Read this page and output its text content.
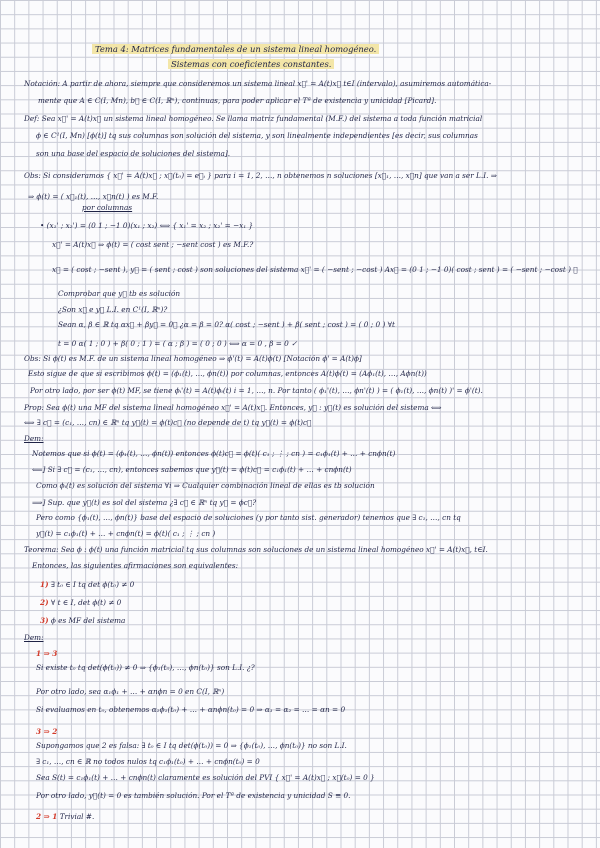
Tema 4: Matrices fundamentales de un sistema lineal homogéneo.
Sistemas con coeficientes constantes.
Notación: A partir de ahora, siempre que consideremos un sistema lineal x⃗' = A(t)x⃗ t∈I (intervalo), asumiremos automática-
mente que A ∈ C(I, Mn), b⃗ ∈ C(I, ℝⁿ), continuas, para poder aplicar el Tª de existencia y unicidad [Picard].
Def: Sea x⃗' = A(t)x⃗ un sistema lineal homogéneo. Se llama matriz fundamental (M.F.) del sistema a toda función matricial
ϕ ∈ C¹(I, Mn) [ϕ(t)] tq sus columnas son solución del sistema, y son linealmente independientes [es decir, sus columnas
son una base del espacio de soluciones del sistema].
Obs: Si consideramos { x⃗' = A(t)x⃗ ; x⃗(t₀) = e⃗ᵢ } para i = 1, 2, …, n obtenemos n soluciones [x⃗₁, …, x⃗n] que van a ser L.I. ⇒
⇒ ϕ(t) = ( x⃗₁(t), …, x⃗n(t) ) es M.F.
por columnas
• (x₁' ; x₂') = (0 1 ; −1 0)(x₁ ; x₂) ⟺ { x₁' = x₂ ; x₂' = −x₁ }
x⃗' = A(t)x⃗ ⇒ ϕ(t) = ( cost sent ; −sent cost ) es M.F.?
x⃗ = ( cost ; −sent ), y⃗ = ( sent ; cost ) son soluciones del sistema x⃗' = ( −sent ; −cost ) Ax⃗ = (0 1 ; −1 0)( cost ; sent ) = ( −sent ; −cost ) ✓
Comprobar que y⃗ tb es solución
¿Son x⃗ e y⃗ L.I. en C¹(I, ℝⁿ)?
Sean α, β ∈ ℝ tq αx⃗ + βy⃗ = 0⃗ ¿α = β = 0? α( cost ; −sent ) + β( sent ; cost ) = ( 0 ; 0 ) ∀t
t = 0 α( 1 ; 0 ) + β( 0 ; 1 ) = ( α ; β ) = ( 0 ; 0 ) ⟺ α = 0 , β = 0 ✓
Obs: Si ϕ(t) es M.F. de un sistema lineal homogéneo ⇒ ϕ'(t) = A(t)ϕ(t) [Notación ϕ' = A(t)ϕ]
Esto sigue de que si escribimos ϕ(t) = (ϕ₁(t), …, ϕn(t)) por columnas, entonces A(t)ϕ(t) = (Aϕ₁(t), …, Aϕn(t))
Por otro lado, por ser ϕ(t) MF, se tiene ϕᵢ'(t) = A(t)ϕᵢ(t) i = 1, …, n. Por tanto ( ϕ₁'(t), …, ϕn'(t) ) = ( ϕ₁(t), …, ϕn(t) )' = ϕ'(t).
Prop: Sea ϕ(t) una MF del sistema lineal homogéneo x⃗' = A(t)x⃗. Entonces, y⃗ : y⃗(t) es solución del sistema ⟺
⟺ ∃ c⃗ = (c₁, …, cn) ∈ ℝⁿ tq y⃗(t) = ϕ(t)c⃗ (no depende de t) tq y⃗(t) = ϕ(t)c⃗
Dem:
Notemos que si ϕ(t) = (ϕ₁(t), …, ϕn(t)) entonces ϕ(t)c⃗ = ϕ(t)( c₁ ; ⋮ ; cn ) = c₁ϕ₁(t) + … + cnϕn(t)
⟸] Si ∃ c⃗ = (c₁, …, cn), entonces sabemos que y⃗(t) = ϕ(t)c⃗ = c₁ϕ₁(t) + … + cnϕn(t)
Como ϕᵢ(t) es solución del sistema ∀i ⇒ Cualquier combinación lineal de ellas es tb solución
⟹] Sup. que y⃗(t) es sol del sistema ¿∃ c⃗ ∈ ℝⁿ tq y⃗ = ϕc⃗?
Pero como {ϕ₁(t), …, ϕn(t)} base del espacio de soluciones (y por tanto sist. generador) tenemos que ∃ c₁, …, cn tq
y⃗(t) = c₁ϕ₁(t) + … + cnϕn(t) = ϕ(t)( c₁ ; ⋮ ; cn )
Teorema: Sea ϕ : ϕ(t) una función matricial tq sus columnas son soluciones de un sistema lineal homogéneo x⃗' = A(t)x⃗, t∈I.
Entonces, las siguientes afirmaciones son equivalentes:
1) ∃ t₀ ∈ I tq det ϕ(t₀) ≠ 0
2) ∀ t ∈ I, det ϕ(t) ≠ 0
3) ϕ es MF del sistema
Dem:
1 ⇒ 3
Si existe t₀ tq det(ϕ(t₀)) ≠ 0 ⇒ {ϕ₁(t₀), …, ϕn(t₀)} son L.I. ¿?
Por otro lado, sea α₁ϕ₁ + … + αnϕn = 0 en C(I, ℝⁿ)
Si evaluamos en t₀, obtenemos α₁ϕ₁(t₀) + … + αnϕn(t₀) = 0 ⇒ α₁ = α₂ = … = αn = 0
3 ⇒ 2
Supongamos que 2 es falsa: ∃ t₀ ∈ I tq det(ϕ(t₀)) = 0 ⇒ {ϕ₁(t₀), …, ϕn(t₀)} no son L.I.
∃ c₁, …, cn ∈ ℝ no todos nulos tq c₁ϕ₁(t₀) + … + cnϕn(t₀) = 0
Sea S(t) = c₁ϕ₁(t) + … + cnϕn(t) claramente es solución del PVI { x⃗' = A(t)x⃗ ; x⃗(t₀) = 0 }
Por otro lado, y⃗(t) = 0 es también solución. Por el Tª de existencia y unicidad S ≡ 0.
2 ⇒ 1 Trivial #.
